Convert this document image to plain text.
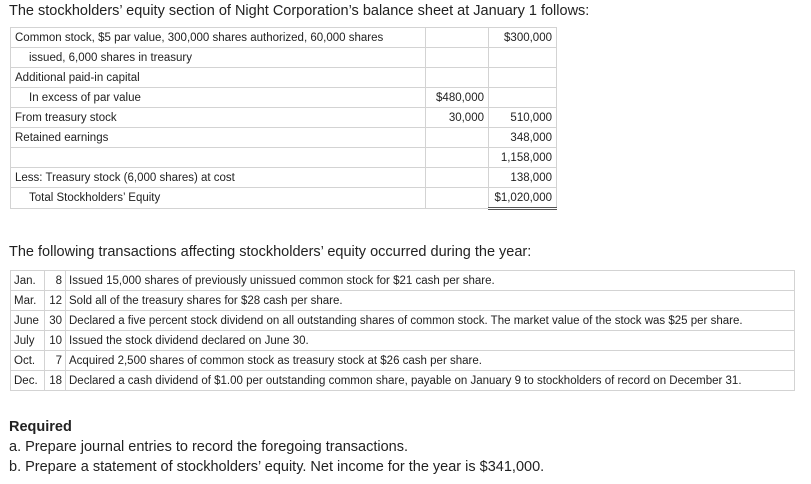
The stockholders’ equity section of Night Corporation’s balance sheet at January 1 follows:
Common stock, $5 par value, 300,000 shares authorized, 60,000 shares		$300,000
issued, 6,000 shares in treasury		
Additional paid-in capital		
In excess of par value	$480,000	
From treasury stock	30,000	510,000
Retained earnings		348,000
		1,158,000
Less: Treasury stock (6,000 shares) at cost		138,000
Total Stockholders’ Equity		$1,020,000
The following transactions affecting stockholders’ equity occurred during the year:
Jan.	8	Issued 15,000 shares of previously unissued common stock for $21 cash per share.
Mar.	12	Sold all of the treasury shares for $28 cash per share.
June	30	Declared a five percent stock dividend on all outstanding shares of common stock. The market value of the stock was $25 per share.
July	10	Issued the stock dividend declared on June 30.
Oct.	7	Acquired 2,500 shares of common stock as treasury stock at $26 cash per share.
Dec.	18	Declared a cash dividend of $1.00 per outstanding common share, payable on January 9 to stockholders of record on December 31.
Required
a. Prepare journal entries to record the foregoing transactions.
b. Prepare a statement of stockholders’ equity. Net income for the year is $341,000.
